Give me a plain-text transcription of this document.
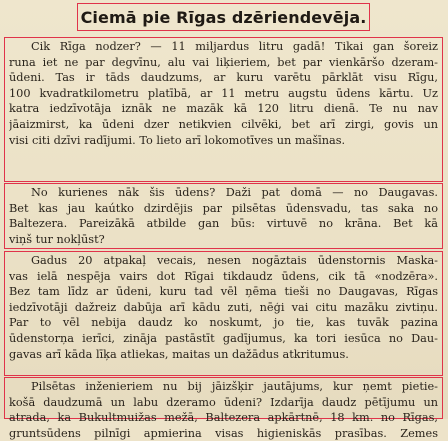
Ciemā pie Rīgas dzēriendevēja.
Cik Rīga nodzer? — 11 miljardus litru gadā! Tikai gan šoreiz
runa iet ne par degvīnu, alu vai liķieriem, bet par vienkāršo dzeram-
ūdeni. Tas ir tāds daudzums, ar kuru varētu pārklāt visu Rīgu,
100 kvadratkilometru platībā, ar 11 metru augstu ūdens kārtu. Uz
katra iedzīvotāja iznāk ne mazāk kā 120 litru dienā. Te nu nav
jāaizmirst, ka ūdeni dzer netikvien cilvēki, bet arī zirgi, govis un
visi citi dzīvi radījumi. To lieto arī lokomotīves un mašīnas.
No kurienes nāk šis ūdens? Daži pat domā — no Daugavas.
Bet kas jau kaútko dzirdējis par pilsētas ūdensvadu, tas saka no
Baltezera. Pareizākā atbilde gan būs: virtuvē no krāna. Bet kā
viņš tur nokļūst?
Gadus 20 atpakaļ vecais, nesen nogāztais ūdenstornis Maska-
vas ielā nespēja vairs dot Rīgai tikdaudz ūdens, cik tā «nodzēra».
Bez tam līdz ar ūdeni, kuru tad vēl ņēma tieši no Daugavas, Rīgas
iedzīvotāji dažreiz dabūja arī kādu zuti, nēģi vai citu mazāku zivtiņu.
Par to vēl nebija daudz ko noskumt, jo tie, kas tuvāk pazina
ūdenstorņa ierīci, zināja pastāstīt gadījumus, ka tori iesūca no Dau-
gavas arī kāda līķa atliekas, maitas un dažādus atkritumus.
Pilsētas inženieriem nu bij jāizšķir jautājums, kur ņemt pietie-
košā daudzumā un labu dzeramo ūdeni? Izdarīja daudz pētījumu un
atrada, ka Bukultmuižas mežā, Baltezera apkārtnē, 18 km. no Rīgas,
gruntsūdens pilnīgi apmierina visas higieniskās prasības. Zemes
